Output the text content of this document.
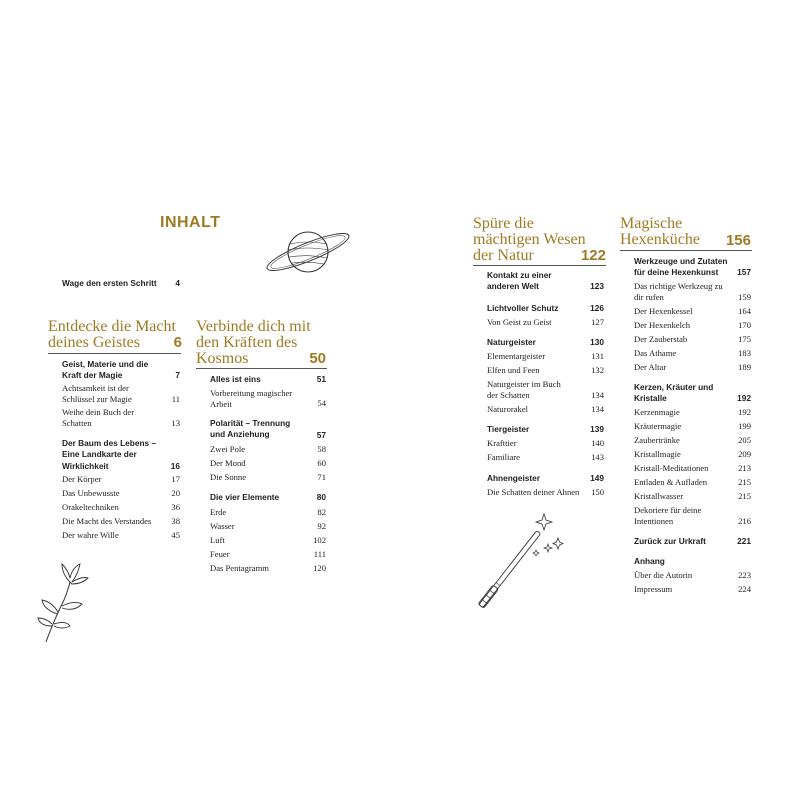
INHALT
Wage den ersten Schritt	4
Entdecke die Macht
deines Geistes	6
Geist, Materie und die
Kraft der Magie	7
Achtsamkeit ist der
Schlüssel zur Magie	11
Weihe dein Buch der
Schatten	13
Der Baum des Lebens –
Eine Landkarte der
Wirklichkeit	16
Der Körper	17
Das Unbewusste	20
Orakeltechniken	36
Die Macht des Verstandes	38
Der wahre Wille	45
Verbinde dich mit
den Kräften des
Kosmos	50
Alles ist eins	51
Vorbereitung magischer
Arbeit	54
Polarität – Trennung
und Anziehung	57
Zwei Pole	58
Der Mond	60
Die Sonne	71
Die vier Elemente	80
Erde	82
Wasser	92
Luft	102
Feuer	111
Das Pentagramm	120
Spüre die
mächtigen Wesen
der Natur	122
Kontakt zu einer
anderen Welt	123
Lichtvoller Schutz	126
Von Geist zu Geist	127
Naturgeister	130
Elementargeister	131
Elfen und Feen	132
Naturgeister im Buch
der Schatten	134
Naturorakel	134
Tiergeister	139
Krafttier	140
Familiare	143
Ahnengeister	149
Die Schatten deiner Ahnen	150
Magische
Hexenküche	156
Werkzeuge und Zutaten
für deine Hexenkunst	157
Das richtige Werkzeug zu
dir rufen	159
Der Hexenkessel	164
Der Hexenkelch	170
Der Zauberstab	175
Das Athame	183
Der Altar	189
Kerzen, Kräuter und
Kristalle	192
Kerzenmagie	192
Kräutermagie	199
Zaubertränke	205
Kristallmagie	209
Kristall-Meditationen	213
Entladen & Aufladen	215
Kristallwasser	215
Dekoriere für deine
Intentionen	216
Zurück zur Urkraft	221
Anhang
Über die Autorin	223
Impressum	224
